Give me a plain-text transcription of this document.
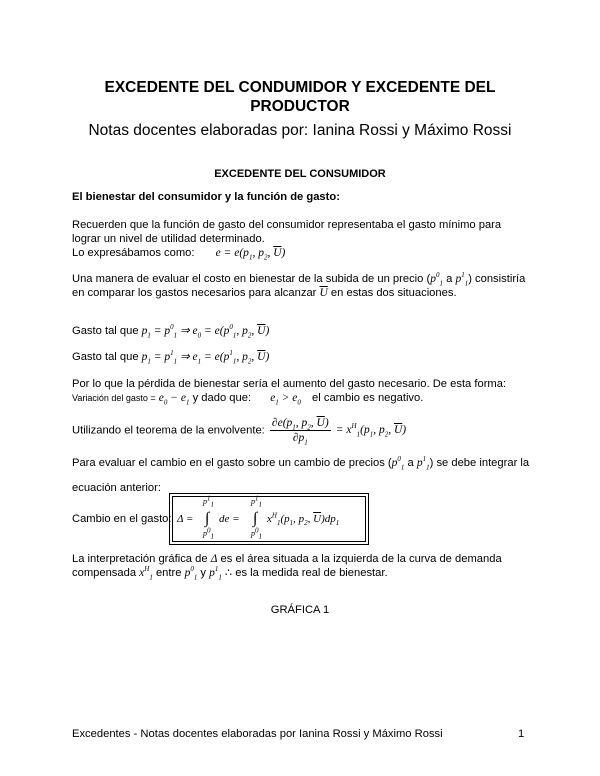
EXCEDENTE DEL CONDUMIDOR Y EXCEDENTE DEL
PRODUCTOR
Notas docentes elaboradas por: Ianina Rossi y Máximo Rossi
EXCEDENTE DEL CONSUMIDOR
El bienestar del consumidor y la función de gasto:
Recuerden que la función de gasto del consumidor representaba el gasto mínimo para
lograr un nivel de utilidad determinado.
Lo expresábamos como: $e = e(p_1$, $p_2$, $\overline{U}$)
Una manera de evaluar el costo en bienestar de la subida de un precio ($p^0_1$ a $p^1_1$) consistiría
en comparar los gastos necesarios para alcanzar $\overline{U}$ en estas dos situaciones.
Gasto tal que $p_1 = p^0_1$ ⇒ $e_0 = e(p^0_1$, $p_2$, $\overline{U}$)
Gasto tal que $p_1 = p^1_1$ ⇒ $e_1 = e(p^1_1$, $p_2$, $\overline{U}$)
Por lo que la pérdida de bienestar sería el aumento del gasto necesario. De esta forma:
Variación del gasto = $e_0 - e_1$ y dado que: $e_1 > e_0$ el cambio es negativo.
Utilizando el teorema de la envolvente: $\frac{\partial e(p_1, p_2, \overline{U})}{\partial p_1} = x^H_1(p_1$, $p_2$, $\overline{U}$)
Para evaluar el cambio en el gasto sobre un cambio de precios ($p^0_1$ a $p^1_1$) se debe integrar la
ecuación anterior:
Cambio en el gasto: Δ =
$p^1_1$
∫
$p^0_1$
de =
$p^1_1$
∫
$p^0_1$
$x^H_1(p_1$, $p_2$, $\overline{U})dp_1$
La interpretación gráfica de Δ es el área situada a la izquierda de la curva de demanda
compensada $x^H_1$ entre $p^0_1$ y $p^1_1$ ∴ es la medida real de bienestar.
GRÁFICA 1
Excedentes - Notas docentes elaboradas por Ianina Rossi y Máximo Rossi	1
